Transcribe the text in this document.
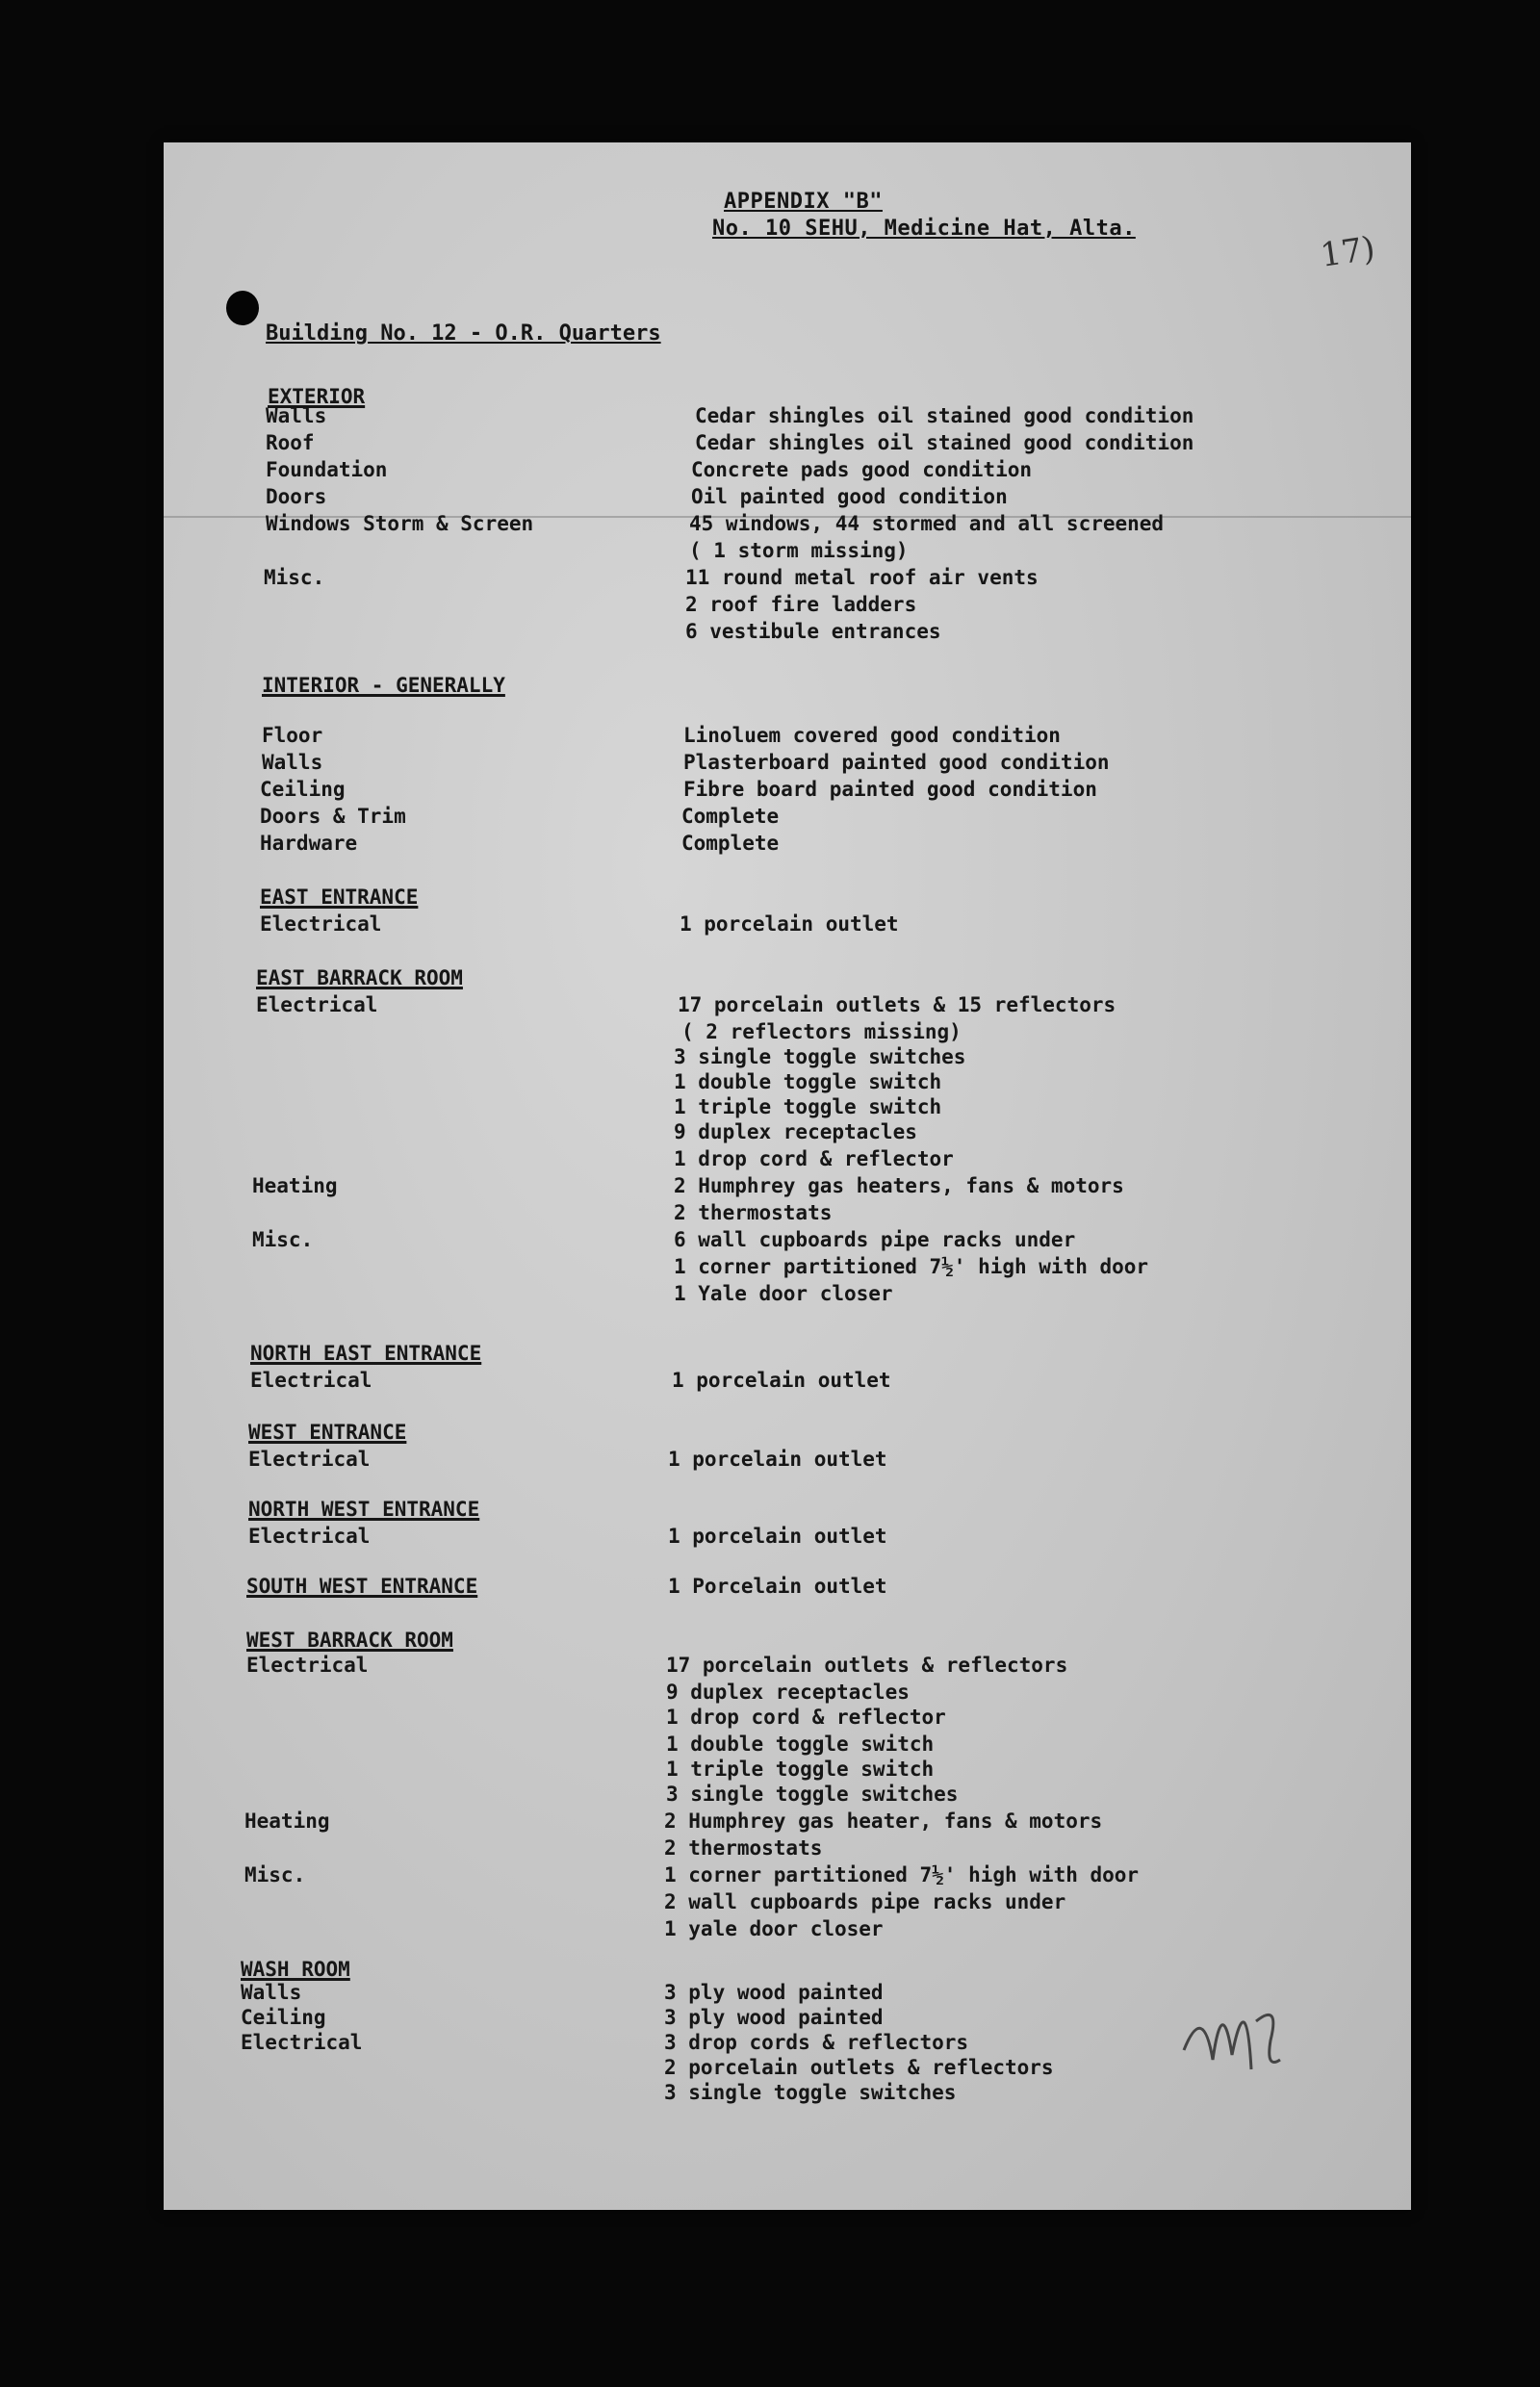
APPENDIX "B"
No. 10 SEHU, Medicine Hat, Alta.
17)
Building No. 12 - O.R. Quarters
EXTERIOR
Walls	Cedar shingles oil stained good condition
Roof	Cedar shingles oil stained good condition
Foundation	Concrete pads good condition
Doors	Oil painted good condition
Windows Storm & Screen	45 windows, 44 stormed and all screened
( 1 storm missing)
Misc.	11 round metal roof air vents
2 roof fire ladders
6 vestibule entrances
INTERIOR - GENERALLY
Floor	Linoluem covered good condition
Walls	Plasterboard painted good condition
Ceiling	Fibre board painted good condition
Doors & Trim	Complete
Hardware	Complete
EAST ENTRANCE
Electrical	1 porcelain outlet
EAST BARRACK ROOM
Electrical	17 porcelain outlets & 15 reflectors
( 2 reflectors missing)
3 single toggle switches
1 double toggle switch
1 triple toggle switch
9 duplex receptacles
1 drop cord & reflector
Heating	2 Humphrey gas heaters, fans & motors
2 thermostats
Misc.	6 wall cupboards pipe racks under
1 corner partitioned 7½' high with door
1 Yale door closer
NORTH EAST ENTRANCE
Electrical	1 porcelain outlet
WEST ENTRANCE
Electrical	1 porcelain outlet
NORTH WEST ENTRANCE
Electrical	1 porcelain outlet
SOUTH WEST ENTRANCE	1 Porcelain outlet
WEST BARRACK ROOM
Electrical	17 porcelain outlets & reflectors
9 duplex receptacles
1 drop cord & reflector
1 double toggle switch
1 triple toggle switch
3 single toggle switches
Heating	2 Humphrey gas heater, fans & motors
2 thermostats
Misc.	1 corner partitioned 7½' high with door
2 wall cupboards pipe racks under
1 yale door closer
WASH ROOM
Walls	3 ply wood painted
Ceiling	3 ply wood painted
Electrical	3 drop cords & reflectors
2 porcelain outlets & reflectors
3 single toggle switches
